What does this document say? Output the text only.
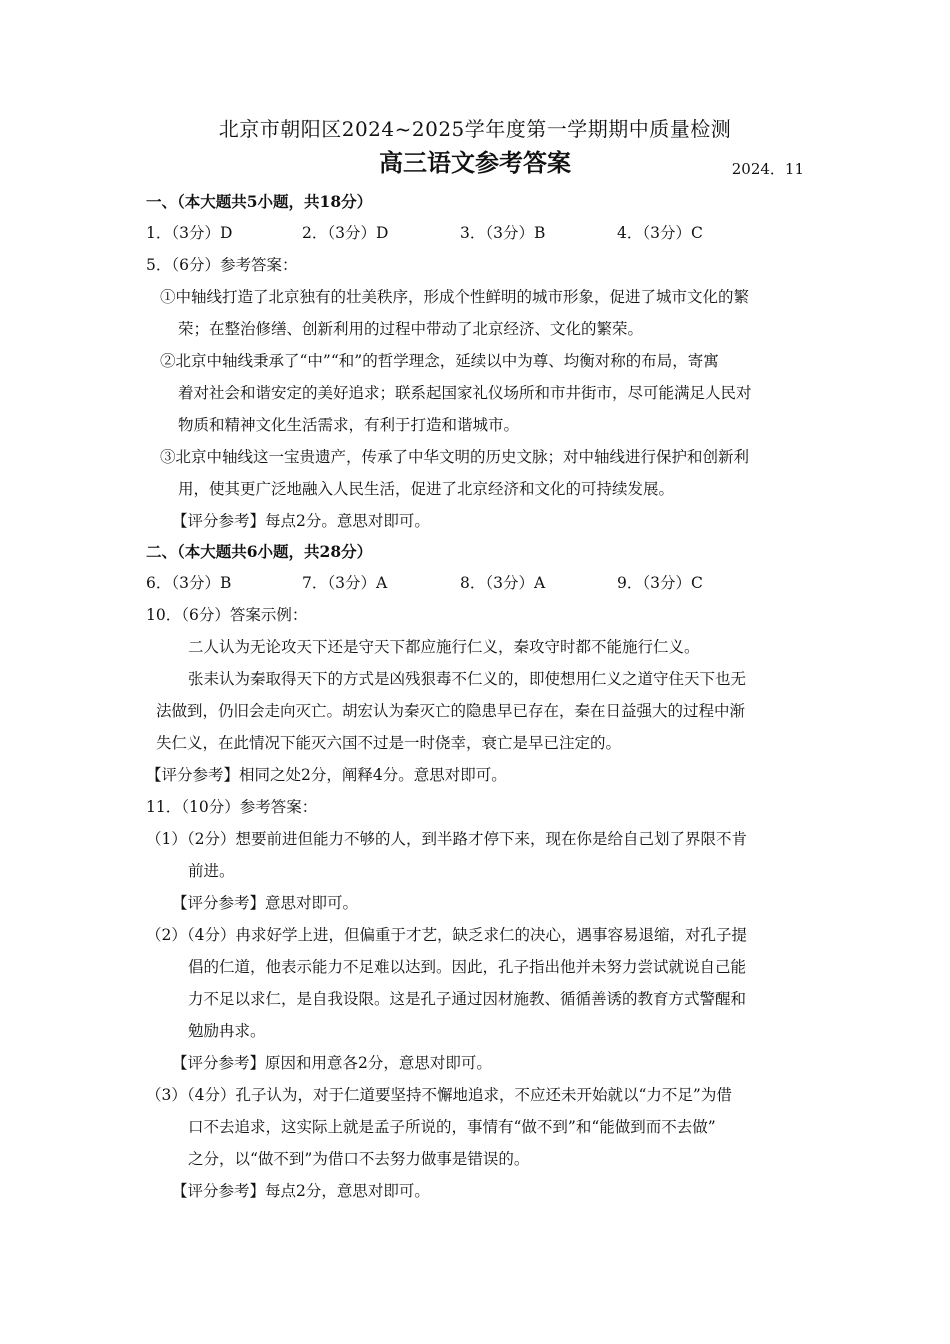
北京市朝阳区2024~2025学年度第一学期期中质量检测
高三语文参考答案	2024．11
一、（本大题共5小题，共18分）
1．（3分）D	2．（3分）D	3．（3分）B	4．（3分）C
5．（6分）参考答案：
①中轴线打造了北京独有的壮美秩序，形成个性鲜明的城市形象，促进了城市文化的繁
荣；在整治修缮、创新利用的过程中带动了北京经济、文化的繁荣。
②北京中轴线秉承了“中”“和”的哲学理念，延续以中为尊、均衡对称的布局，寄寓
着对社会和谐安定的美好追求；联系起国家礼仪场所和市井街市，尽可能满足人民对
物质和精神文化生活需求，有利于打造和谐城市。
③北京中轴线这一宝贵遗产，传承了中华文明的历史文脉；对中轴线进行保护和创新利
用，使其更广泛地融入人民生活，促进了北京经济和文化的可持续发展。
【评分参考】每点2分。意思对即可。
二、（本大题共6小题，共28分）
6．（3分）B	7．（3分）A	8．（3分）A	9．（3分）C
10．（6分）答案示例：
二人认为无论攻天下还是守天下都应施行仁义，秦攻守时都不能施行仁义。
张耒认为秦取得天下的方式是凶残狠毒不仁义的，即使想用仁义之道守住天下也无
法做到，仍旧会走向灭亡。胡宏认为秦灭亡的隐患早已存在，秦在日益强大的过程中渐
失仁义，在此情况下能灭六国不过是一时侥幸，衰亡是早已注定的。
【评分参考】相同之处2分，阐释4分。意思对即可。
11．（10分）参考答案：
（1）（2分）想要前进但能力不够的人，到半路才停下来，现在你是给自己划了界限不肯
前进。
【评分参考】意思对即可。
（2）（4分）冉求好学上进，但偏重于才艺，缺乏求仁的决心，遇事容易退缩，对孔子提
倡的仁道，他表示能力不足难以达到。因此，孔子指出他并未努力尝试就说自己能
力不足以求仁，是自我设限。这是孔子通过因材施教、循循善诱的教育方式警醒和
勉励冉求。
【评分参考】原因和用意各2分，意思对即可。
（3）（4分）孔子认为，对于仁道要坚持不懈地追求，不应还未开始就以“力不足”为借
口不去追求，这实际上就是孟子所说的，事情有“做不到”和“能做到而不去做”
之分，以“做不到”为借口不去努力做事是错误的。
【评分参考】每点2分，意思对即可。
